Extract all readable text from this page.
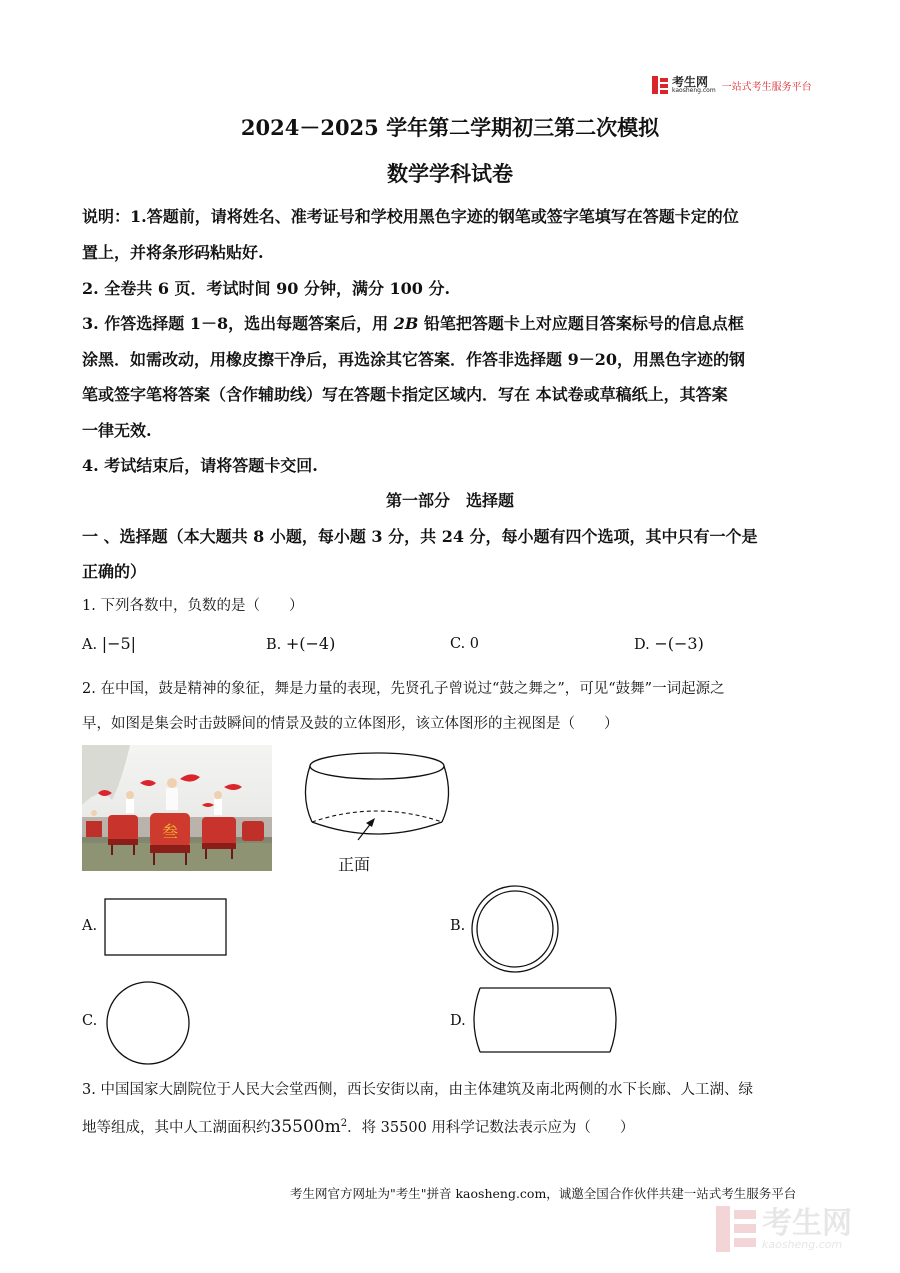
考生网
kaosheng.com 一站式考生服务平台
2024－2025 学年第二学期初三第二次模拟
数学学科试卷
说明：1.答题前，请将姓名、准考证号和学校用黑色字迹的钢笔或签字笔填写在答题卡定的位
置上，并将条形码粘贴好.
2. 全卷共 6 页．考试时间 90 分钟，满分 100 分.
3. 作答选择题 1－8，选出每题答案后，用 2B 铅笔把答题卡上对应题目答案标号的信息点框
涂黑．如需改动，用橡皮擦干净后，再选涂其它答案．作答非选择题 9－20，用黑色字迹的钢
笔或签字笔将答案（含作辅助线）写在答题卡指定区域内．写在 本试卷或草稿纸上，其答案
一律无效.
4. 考试结束后，请将答题卡交回.
第一部分　选择题
一 、选择题（本大题共 8 小题，每小题 3 分，共 24 分，每小题有四个选项，其中只有一个是
正确的）
1. 下列各数中，负数的是（　　）
A. |−5|	B. +(−4)	C. 0	D. −(−3)
2. 在中国，鼓是精神的象征，舞是力量的表现，先贤孔子曾说过“鼓之舞之”，可见“鼓舞”一词起源之
早，如图是集会时击鼓瞬间的情景及鼓的立体图形，该立体图形的主视图是（　　）
叁
正面
A.	B.
C.	D.
3. 中国国家大剧院位于人民大会堂西侧，西长安街以南，由主体建筑及南北两侧的水下长廊、人工湖、绿
地等组成，其中人工湖面积约$35500m^2$．将 35500 用科学记数法表示应为（　　）
考生网官方网址为"考生"拼音 kaosheng.com，诚邀全国合作伙伴共建一站式考生服务平台
考生网
kaosheng.com
